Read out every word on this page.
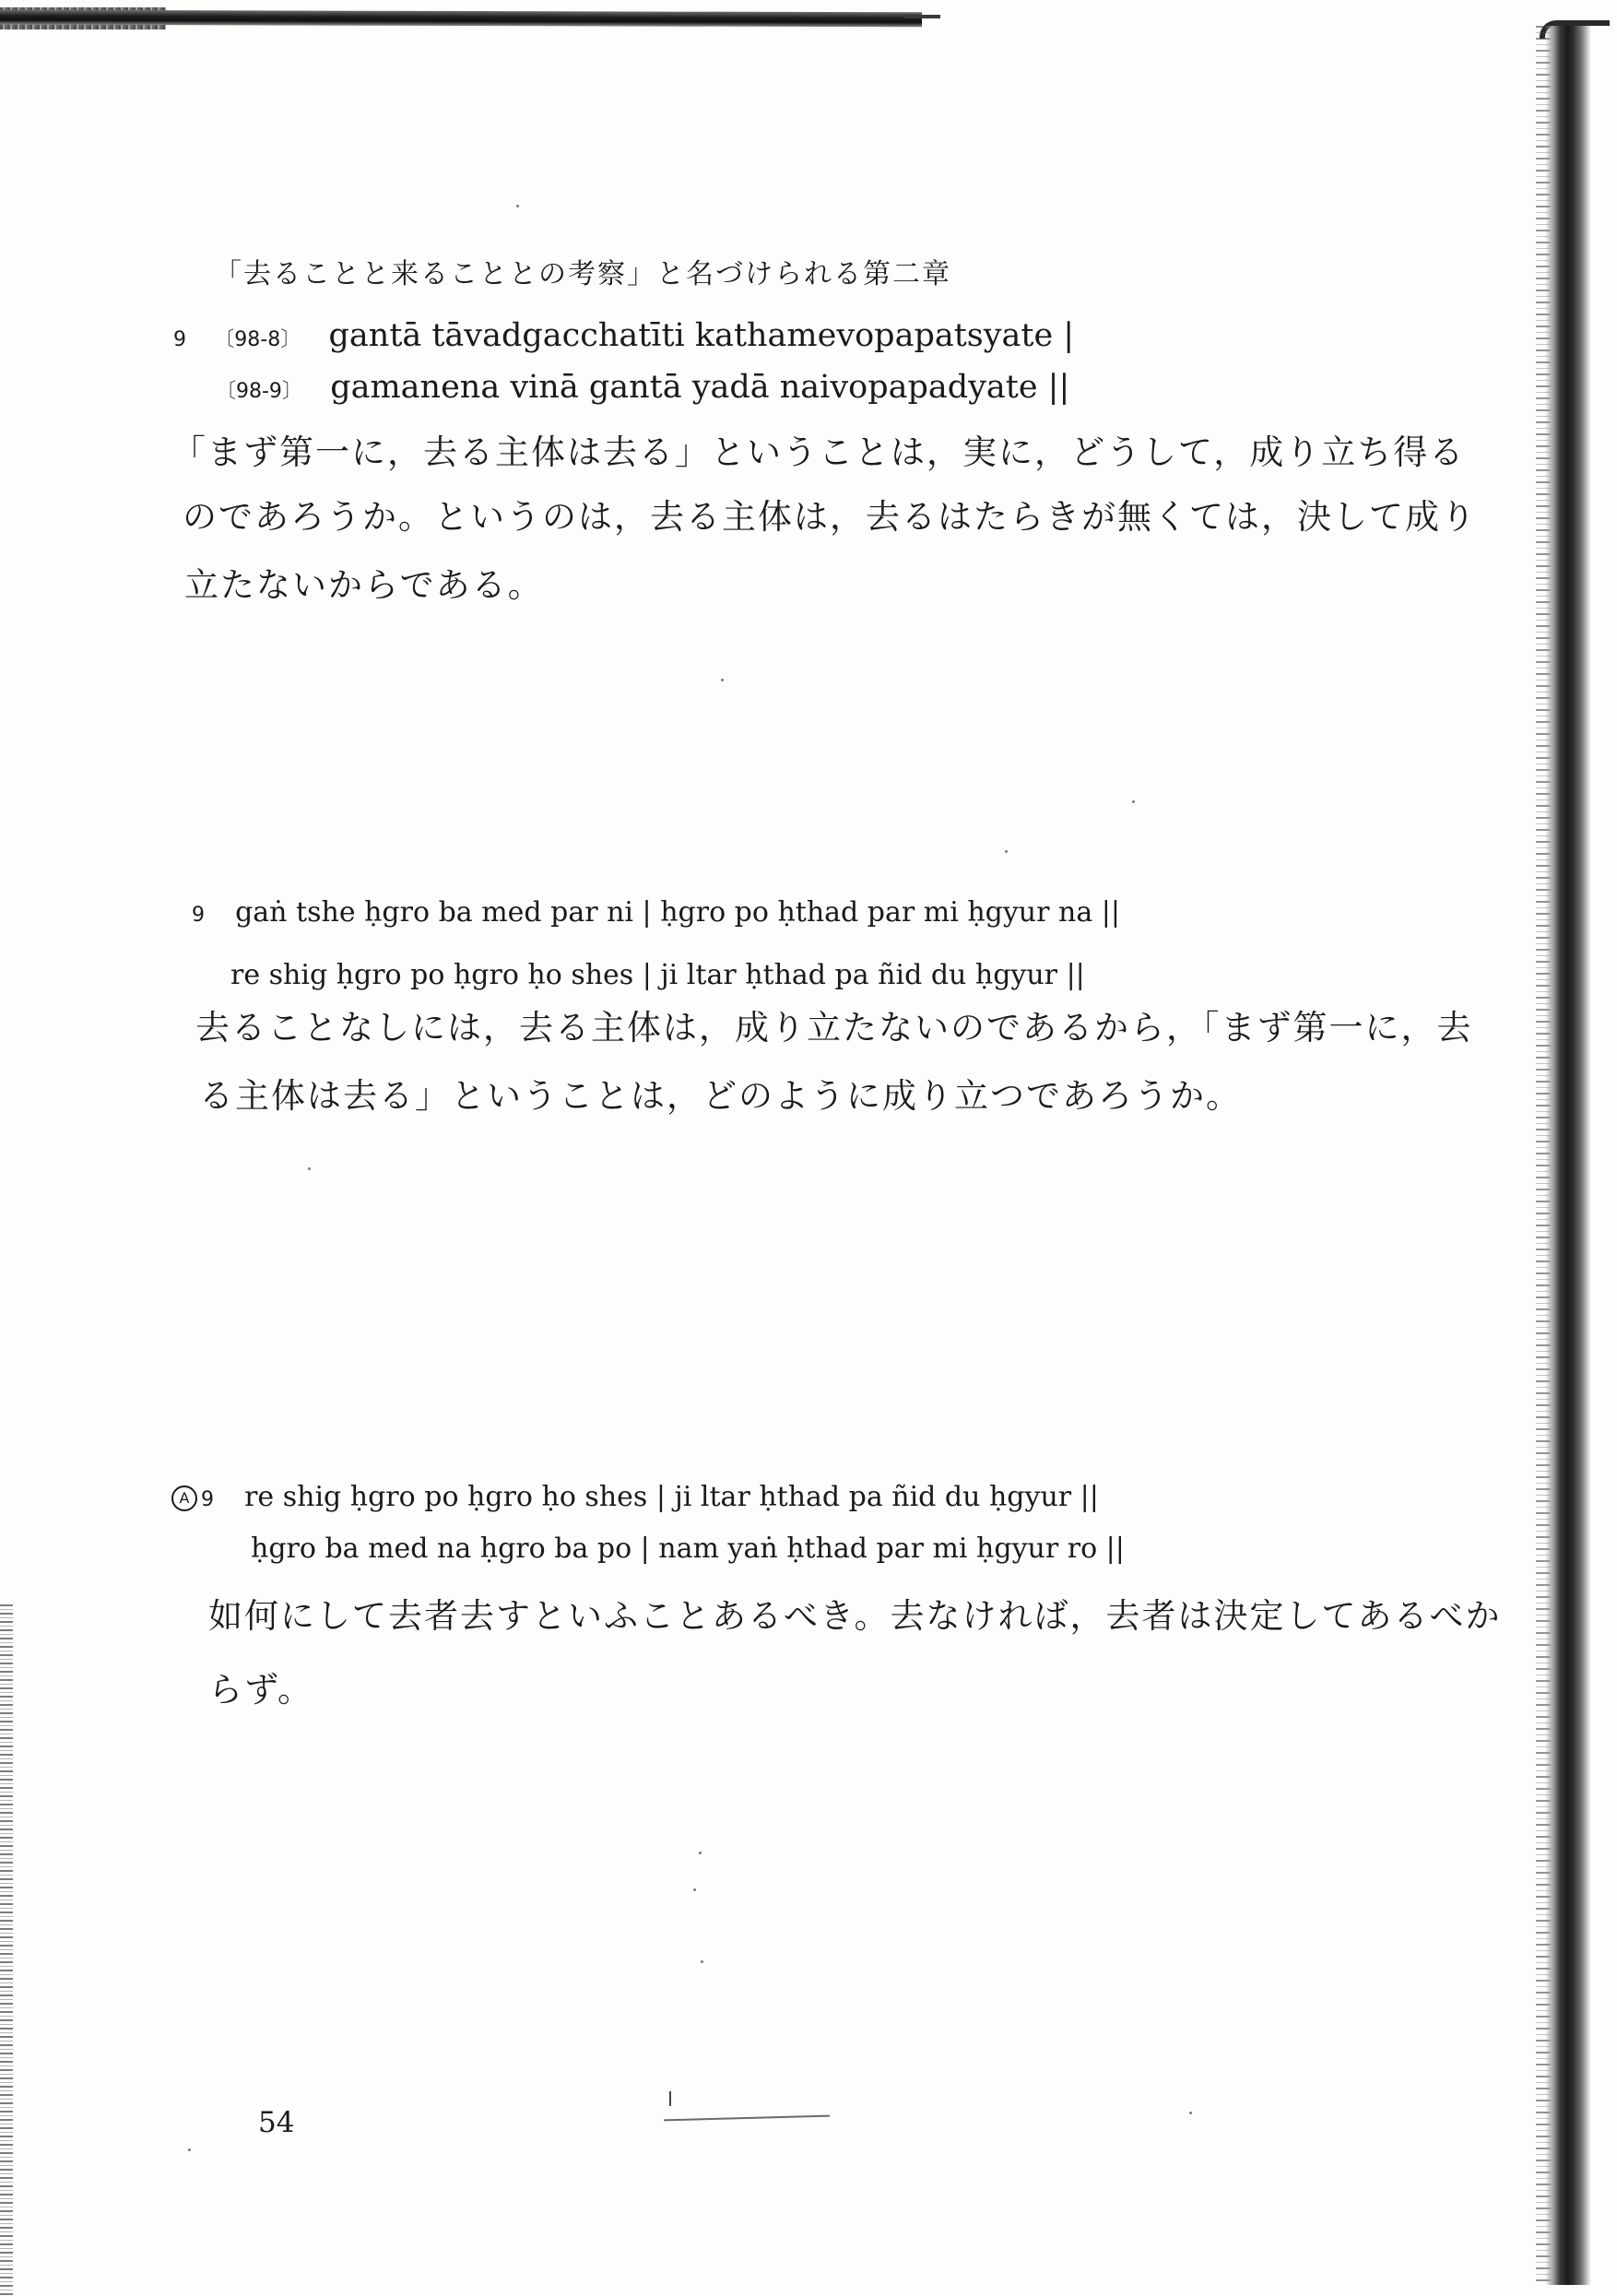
「去ることと来ることとの考察」と名づけられる第二章
9 〔98-8〕 gantā tāvadgacchatīti kathamevopapatsyate |
〔98-9〕 gamanena vinā gantā yadā naivopapadyate ||
「まず第一に，去る主体は去る」ということは，実に，どうして，成り立ち得る
のであろうか。というのは，去る主体は，去るはたらきが無くては，決して成り
立たないからである。
9 gaṅ tshe ḥgro ba med par ni | ḥgro po ḥthad par mi ḥgyur na ||
re shig ḥgro po ḥgro ḥo shes | ji ltar ḥthad pa ñid du ḥgyur ||
去ることなしには，去る主体は，成り立たないのであるから，「まず第一に，去
る主体は去る」ということは，どのように成り立つであろうか。
A 9 re shig ḥgro po ḥgro ḥo shes | ji ltar ḥthad pa ñid du ḥgyur ||
ḥgro ba med na ḥgro ba po | nam yaṅ ḥthad par mi ḥgyur ro ||
如何にして去者去すといふことあるべき。去なければ，去者は決定してあるべか
らず。
54
